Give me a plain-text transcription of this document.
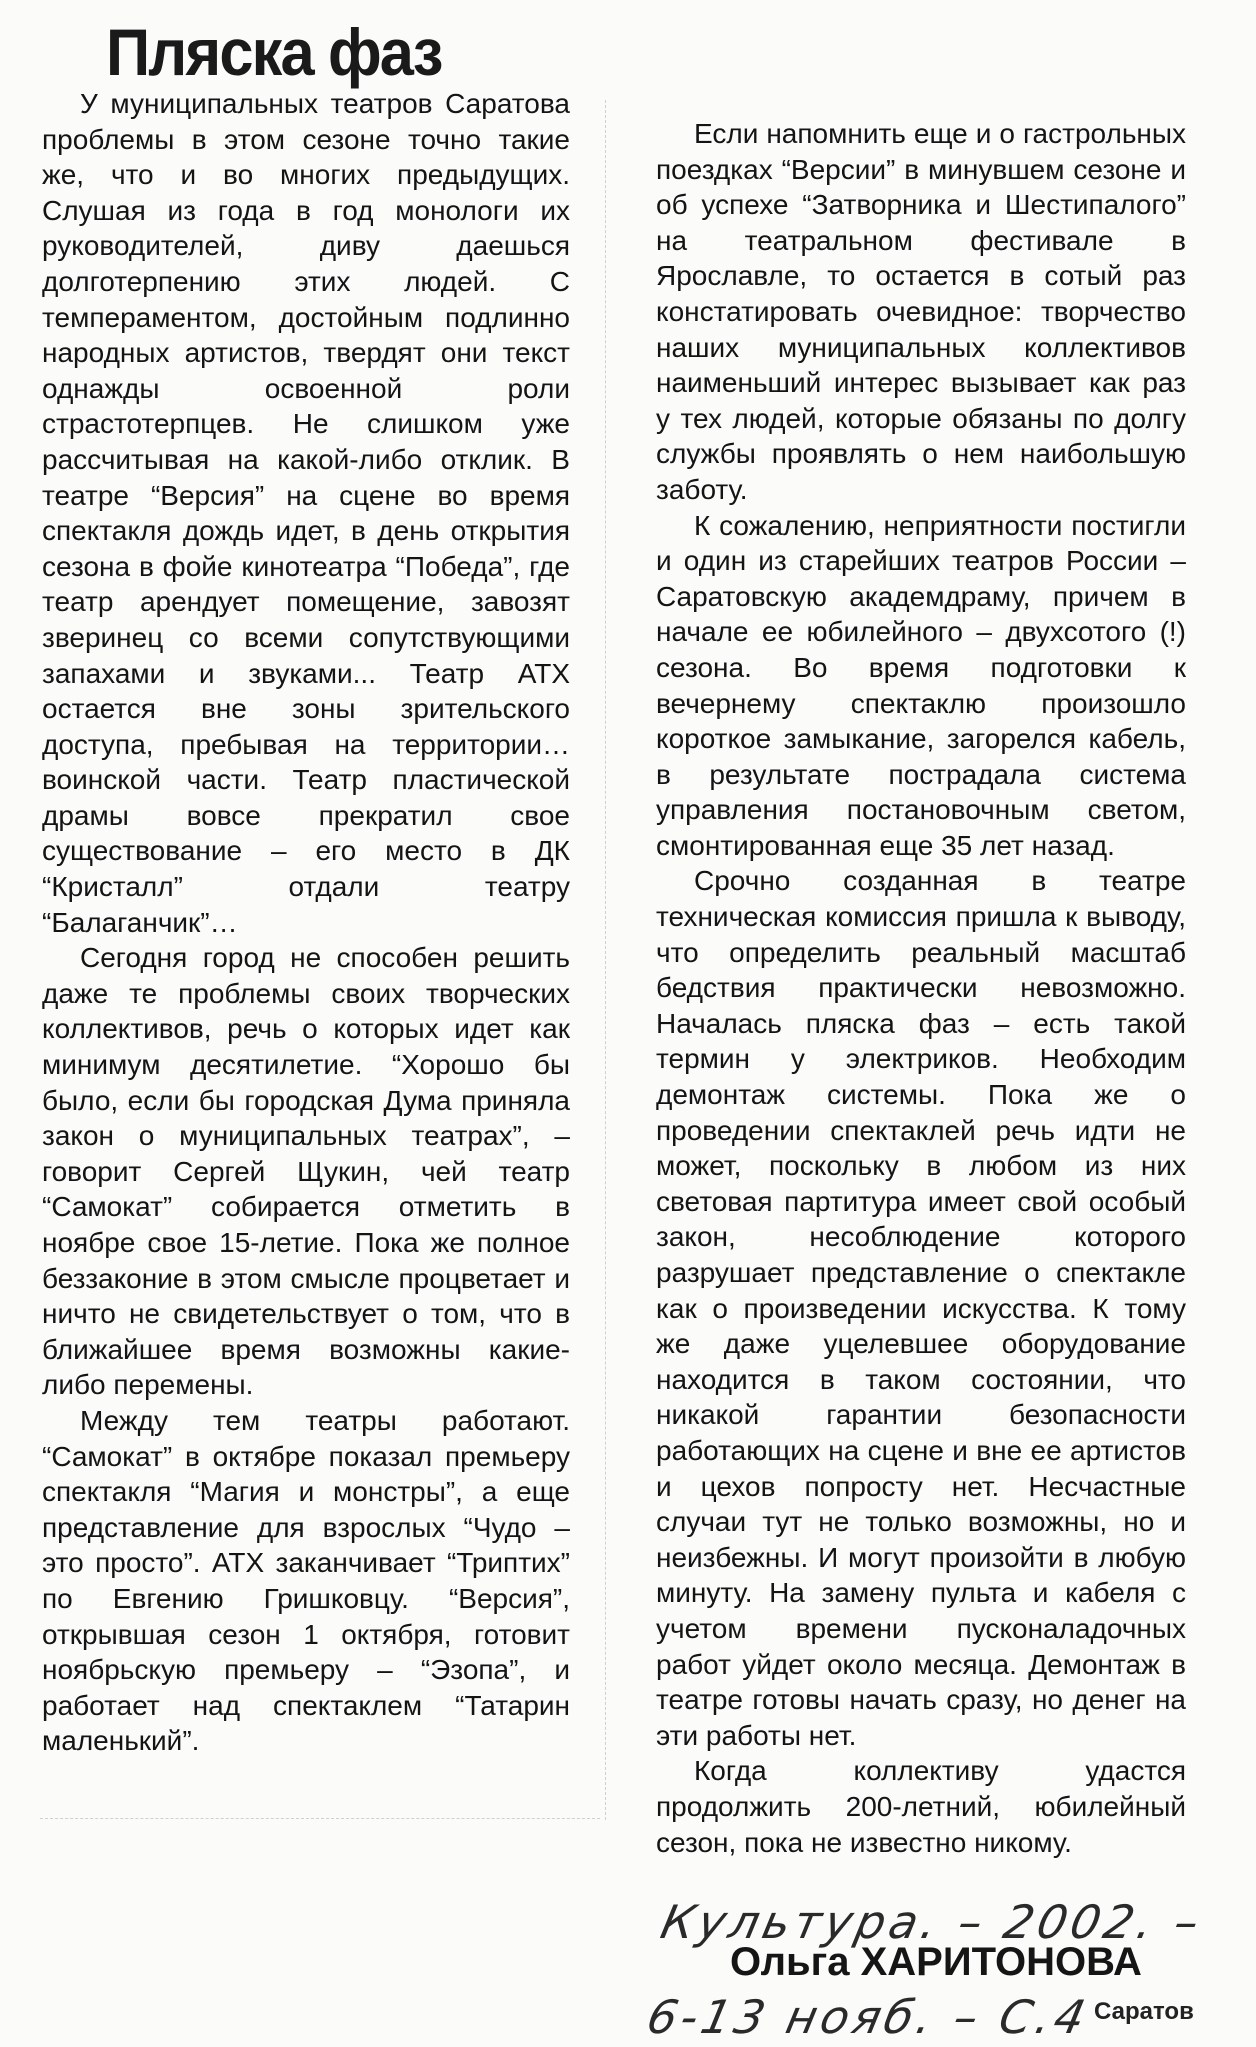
Пляска фаз

У муниципальных театров Саратова проблемы в этом сезоне точно такие же, что и во многих предыдущих. Слушая из года в год монологи их руководителей, диву даешься долготерпению этих людей. С темпераментом, достойным подлинно народных артистов, твердят они текст однажды освоенной роли страстотерпцев. Не слишком уже рассчитывая на какой-либо отклик. В театре “Версия” на сцене во время спектакля дождь идет, в день открытия сезона в фойе кинотеатра “Победа”, где театр арендует помещение, завозят зверинец со всеми сопутствующими запахами и звуками... Театр АТХ остается вне зоны зрительского доступа, пребывая на территории… воинской части. Театр пластической драмы вовсе прекратил свое существование – его место в ДК “Кристалл” отдали театру “Балаганчик”…

Сегодня город не способен решить даже те проблемы своих творческих коллективов, речь о которых идет как минимум десятилетие. “Хорошо бы было, если бы городская Дума приняла закон о муниципальных театрах”, – говорит Сергей Щукин, чей театр “Самокат” собирается отметить в ноябре свое 15-летие. Пока же полное беззаконие в этом смысле процветает и ничто не свидетельствует о том, что в ближайшее время возможны какие-либо перемены.

Между тем театры работают. “Самокат” в октябре показал премьеру спектакля “Магия и монстры”, а еще представление для взрослых “Чудо – это просто”. АТХ заканчивает “Триптих” по Евгению Гришковцу. “Версия”, открывшая сезон 1 октября, готовит ноябрьскую премьеру – “Эзопа”, и работает над спектаклем “Татарин маленький”.

Если напомнить еще и о гастрольных поездках “Версии” в минувшем сезоне и об успехе “Затворника и Шестипалого” на театральном фестивале в Ярославле, то остается в сотый раз констатировать очевидное: творчество наших муниципальных коллективов наименьший интерес вызывает как раз у тех людей, которые обязаны по долгу службы проявлять о нем наибольшую заботу.

К сожалению, неприятности постигли и один из старейших театров России – Саратовскую академдраму, причем в начале ее юбилейного – двухсотого (!) сезона. Во время подготовки к вечернему спектаклю произошло короткое замыкание, загорелся кабель, в результате пострадала система управления постановочным светом, смонтированная еще 35 лет назад.

Срочно созданная в театре техническая комиссия пришла к выводу, что определить реальный масштаб бедствия практически невозможно. Началась пляска фаз – есть такой термин у электриков. Необходим демонтаж системы. Пока же о проведении спектаклей речь идти не может, поскольку в любом из них световая партитура имеет свой особый закон, несоблюдение которого разрушает представление о спектакле как о произведении искусства. К тому же даже уцелевшее оборудование находится в таком состоянии, что никакой гарантии безопасности работающих на сцене и вне ее артистов и цехов попросту нет. Несчастные случаи тут не только возможны, но и неизбежны. И могут произойти в любую минуту. На замену пульта и кабеля с учетом времени пусконаладочных работ уйдет около месяца. Демонтаж в театре готовы начать сразу, но денег на эти работы нет.

Когда коллективу удастся продолжить 200-летний, юбилейный сезон, пока не известно никому.

Культура. – 2002. –
Ольга ХАРИТОНОВА
6-13 нояб. – С.4 Саратов
